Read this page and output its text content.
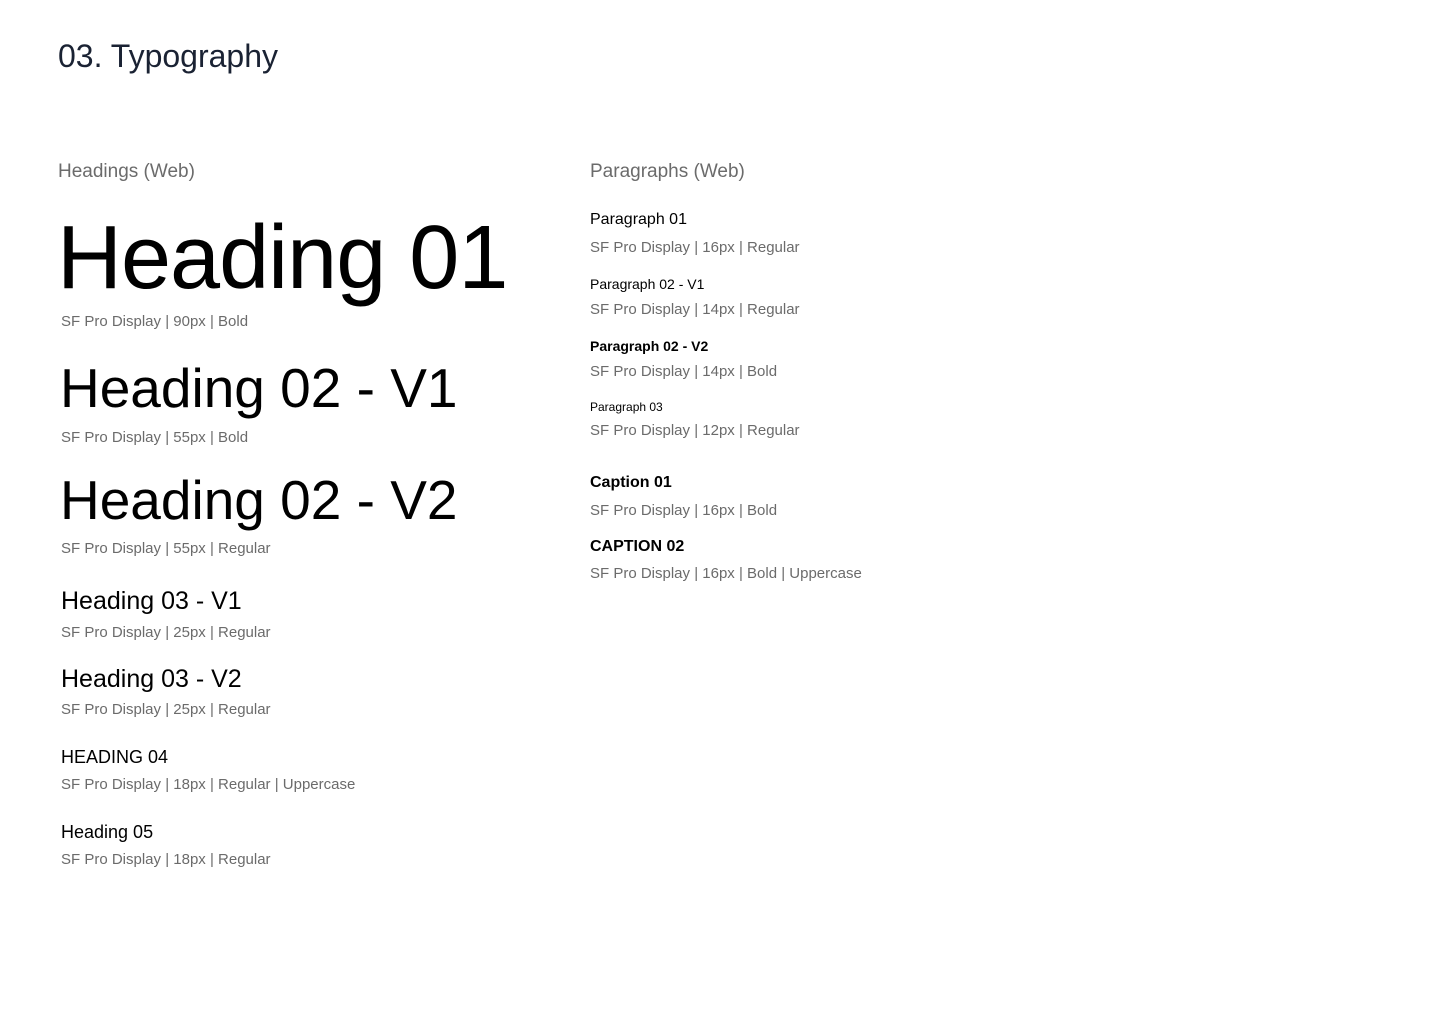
03. Typography
Headings (Web)
Heading 01
SF Pro Display | 90px | Bold
Heading 02 - V1
SF Pro Display | 55px | Bold
Heading 02 - V2
SF Pro Display | 55px | Regular
Heading 03 - V1
SF Pro Display | 25px | Regular
Heading 03 - V2
SF Pro Display | 25px | Regular
HEADING 04
SF Pro Display | 18px | Regular | Uppercase
Heading 05
SF Pro Display | 18px | Regular
Paragraphs (Web)
Paragraph 01
SF Pro Display | 16px | Regular
Paragraph 02 - V1
SF Pro Display | 14px | Regular
Paragraph 02 - V2
SF Pro Display | 14px | Bold
Paragraph 03
SF Pro Display | 12px | Regular
Caption 01
SF Pro Display | 16px | Bold
CAPTION 02
SF Pro Display | 16px | Bold | Uppercase
